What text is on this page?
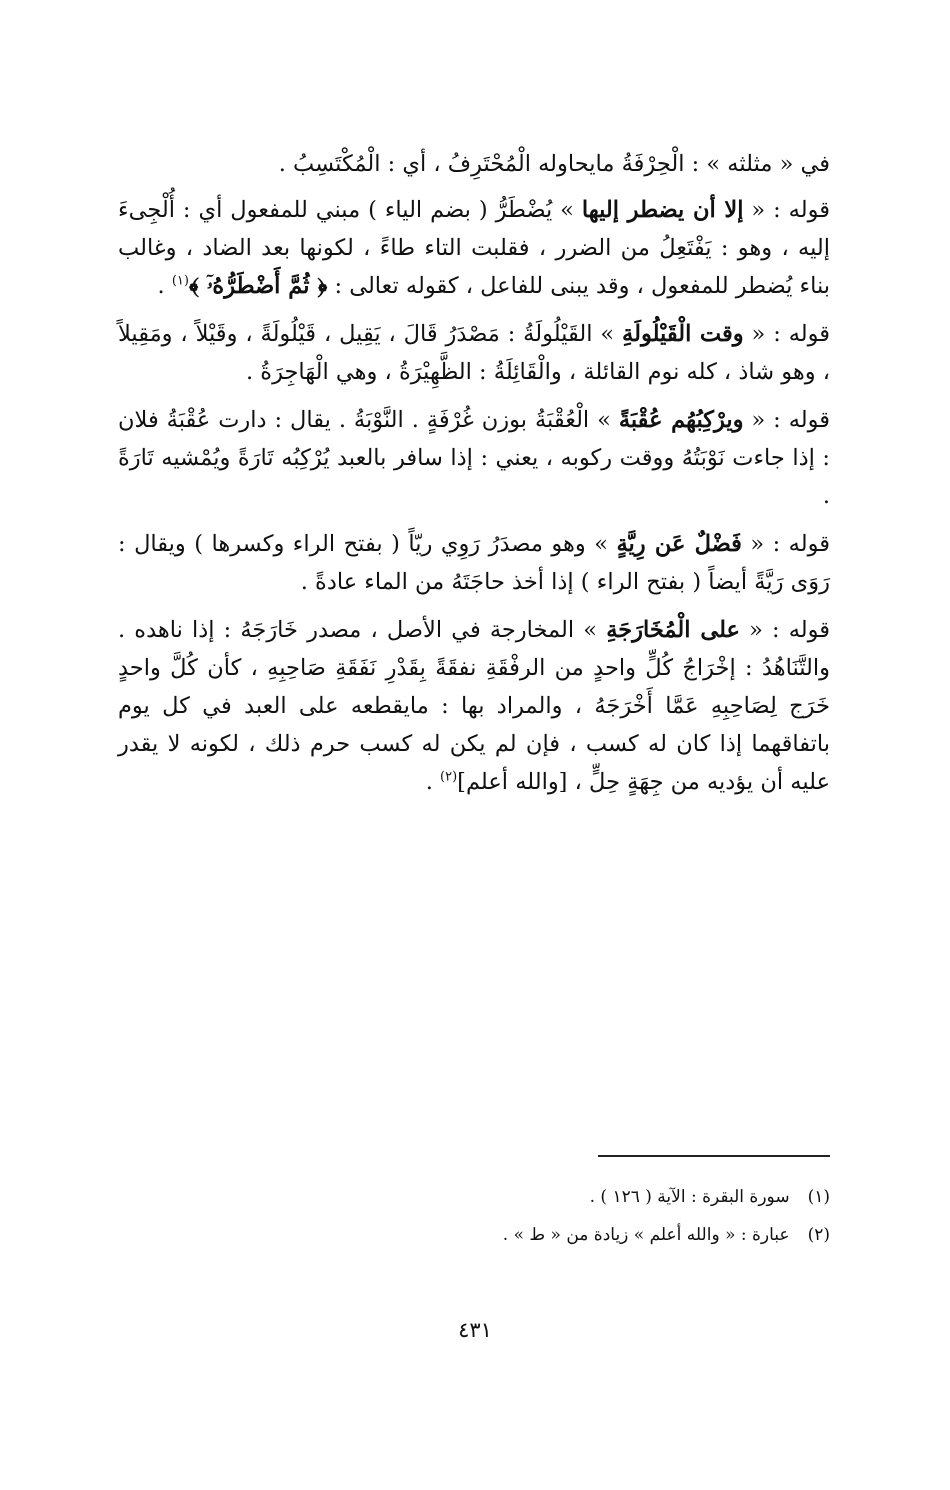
في « مثلثه » : الْحِرْفَةُ مايحاوله الْمُحْتَرِفُ ، أي : الْمُكْتَسِبُ .

قوله : « إلا أن يضطر إليها » يُضْطَرُّ ( بضم الياء ) مبني للمفعول أي : أُلْجِىءَ إليه ، وهو : يَفْتَعِلُ من الضرر ، فقلبت التاء طاءً ، لكونها بعد الضاد ، وغالب بناء يُضطر للمفعول ، وقد يبنى للفاعل ، كقوله تعالى : ﴿ ثُمَّ أَضْطَرُّهُۥٓ ﴾$^{(١)}$ .

قوله : « وقت الْقَيْلُولَةِ » القَيْلُولَةُ : مَصْدَرُ قَالَ ، يَقِيل ، قَيْلُولَةً ، وقَيْلاً ، ومَقِيلاً ، وهو شاذ ، كله نوم القائلة ، والْقَائِلَةُ : الظَّهِيْرَةُ ، وهي الْهَاجِرَةُ .

قوله : « ويرْكِبُهُم عُقْبَةً » الْعُقْبَةُ بوزن غُرْفَةٍ . النَّوْبَةُ . يقال : دارت عُقْبَةُ فلان : إذا جاءت نَوْبَتُهُ ووقت ركوبه ، يعني : إذا سافر بالعبد يُرْكِبُه تَارَةً ويُمْشيه تَارَةً .

قوله : « فَضْلٌ عَن رِيَّةٍ » وهو مصدَرُ رَوِي ريّاً ( بفتح الراء وكسرها ) ويقال : رَوَى رَيَّةً أيضاً ( بفتح الراء ) إذا أخذ حاجَتَهُ من الماء عادةً .

قوله : « على الْمُخَارَجَةِ » المخارجة في الأصل ، مصدر خَارَجَهُ : إذا ناهده . والتَّنَاهُدُ : إخْرَاجُ كُلٍّ واحدٍ من الرفْقَةِ نفقَةً بِقَدْرِ نَفَقَةِ صَاحِبِهِ ، كأن كُلَّ واحدٍ خَرَج لِصَاحِبِهِ عَمَّا أَخْرَجَهُ ، والمراد بها : مايقطعه على العبد في كل يوم باتفاقهما إذا كان له كسب ، فإن لم يكن له كسب حرم ذلك ، لكونه لا يقدر عليه أن يؤديه من جِهَةٍ حِلٍّ ، [والله أعلم]$^{(٢)}$ .

(١)سورة البقرة : الآية ( ١٢٦ ) .

(٢)عبارة : « والله أعلم » زيادة من « ط » .

٤٣١
